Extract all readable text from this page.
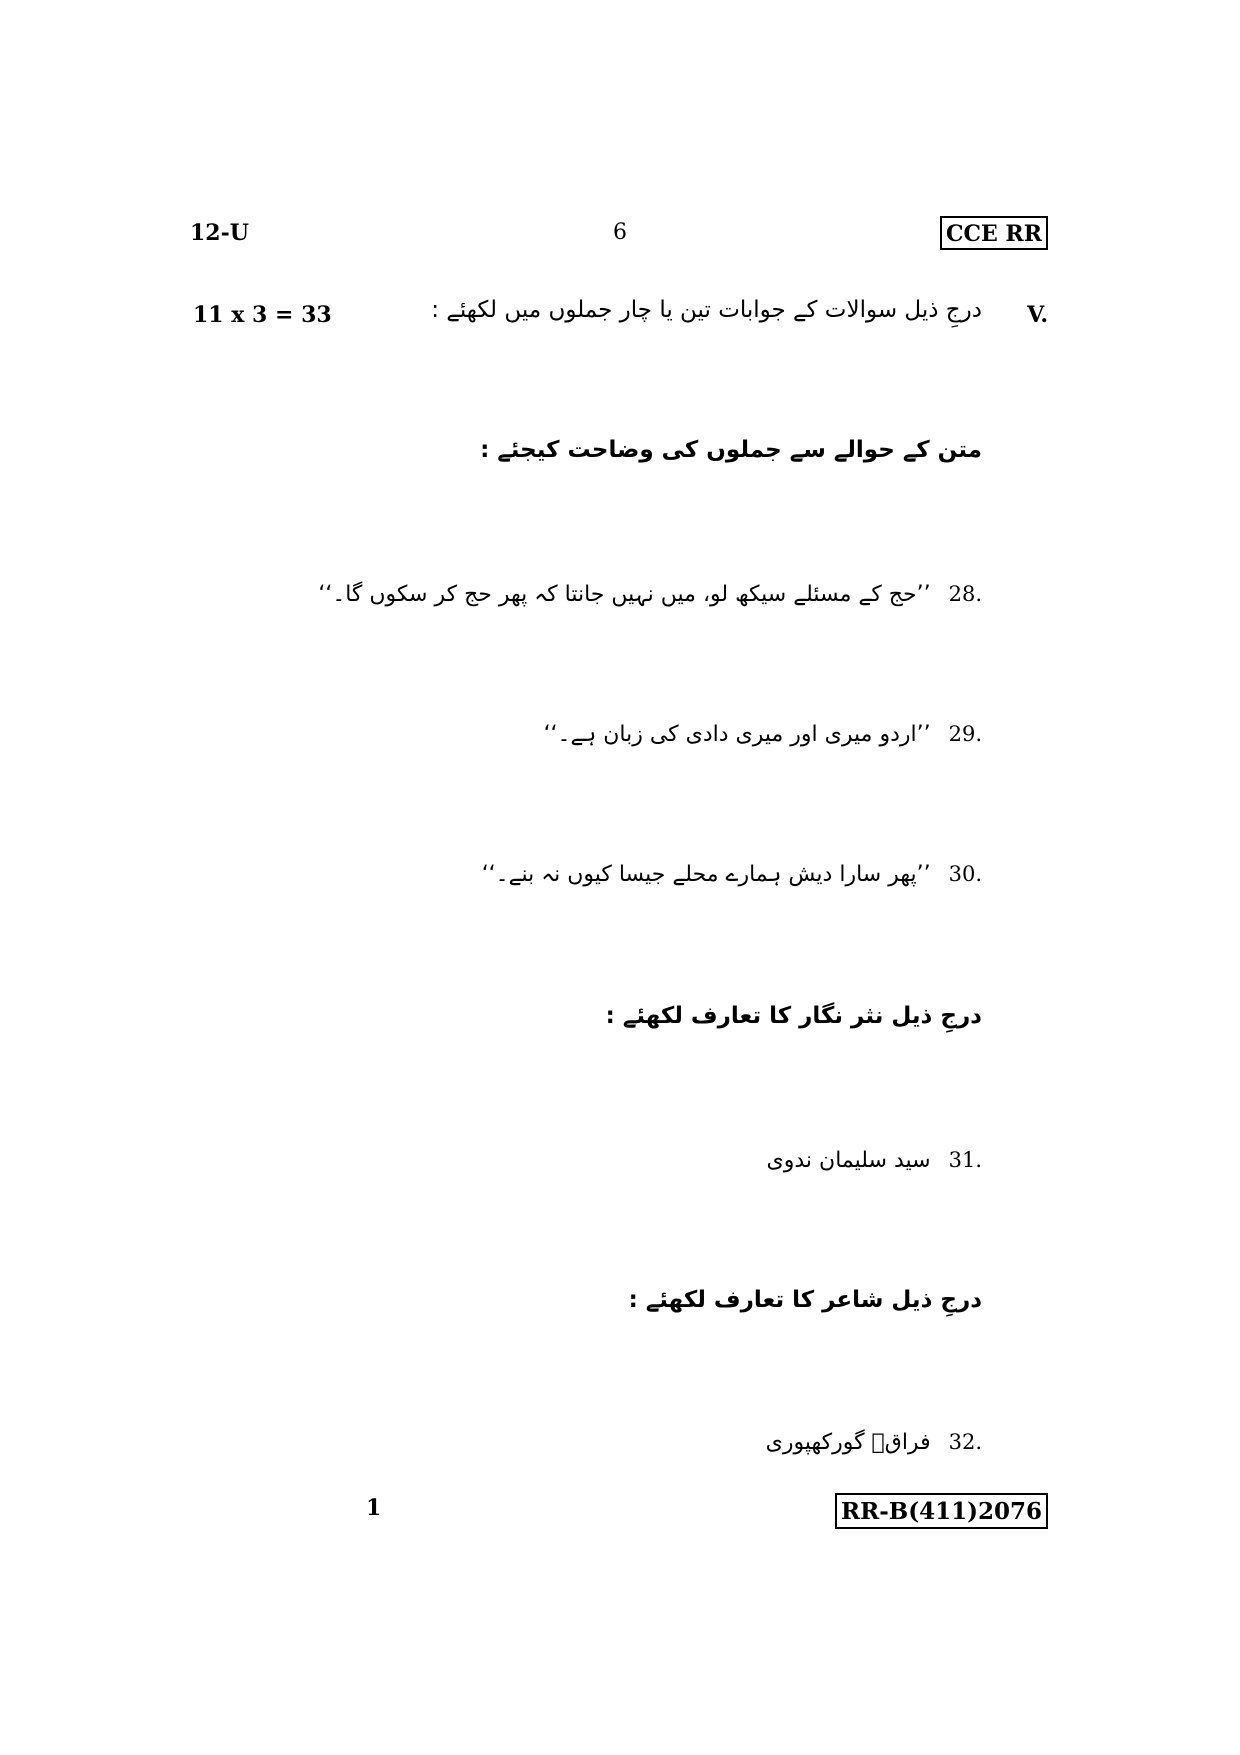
12-U	6	CCE RR
11 x 3 = 33	V.
درجِ ذیل سوالات کے جوابات تین یا چار جملوں میں لکھئے :
متن کے حوالے سے جملوں کی وضاحت کیجئے :
28.
’’حج کے مسئلے سیکھ لو، میں نہیں جانتا کہ پھر حج کر سکوں گا۔‘‘
29.
’’اردو میری اور میری دادی کی زبان ہے۔‘‘
30.
’’پھر سارا دیش ہمارے محلے جیسا کیوں نہ بنے۔‘‘
درجِ ذیل نثر نگار کا تعارف لکھئے :
31.
سید سلیمان ندوی
درجِ ذیل شاعر کا تعارف لکھئے :
32.
فراقؔ گورکھپوری
1	RR-B(411)2076
